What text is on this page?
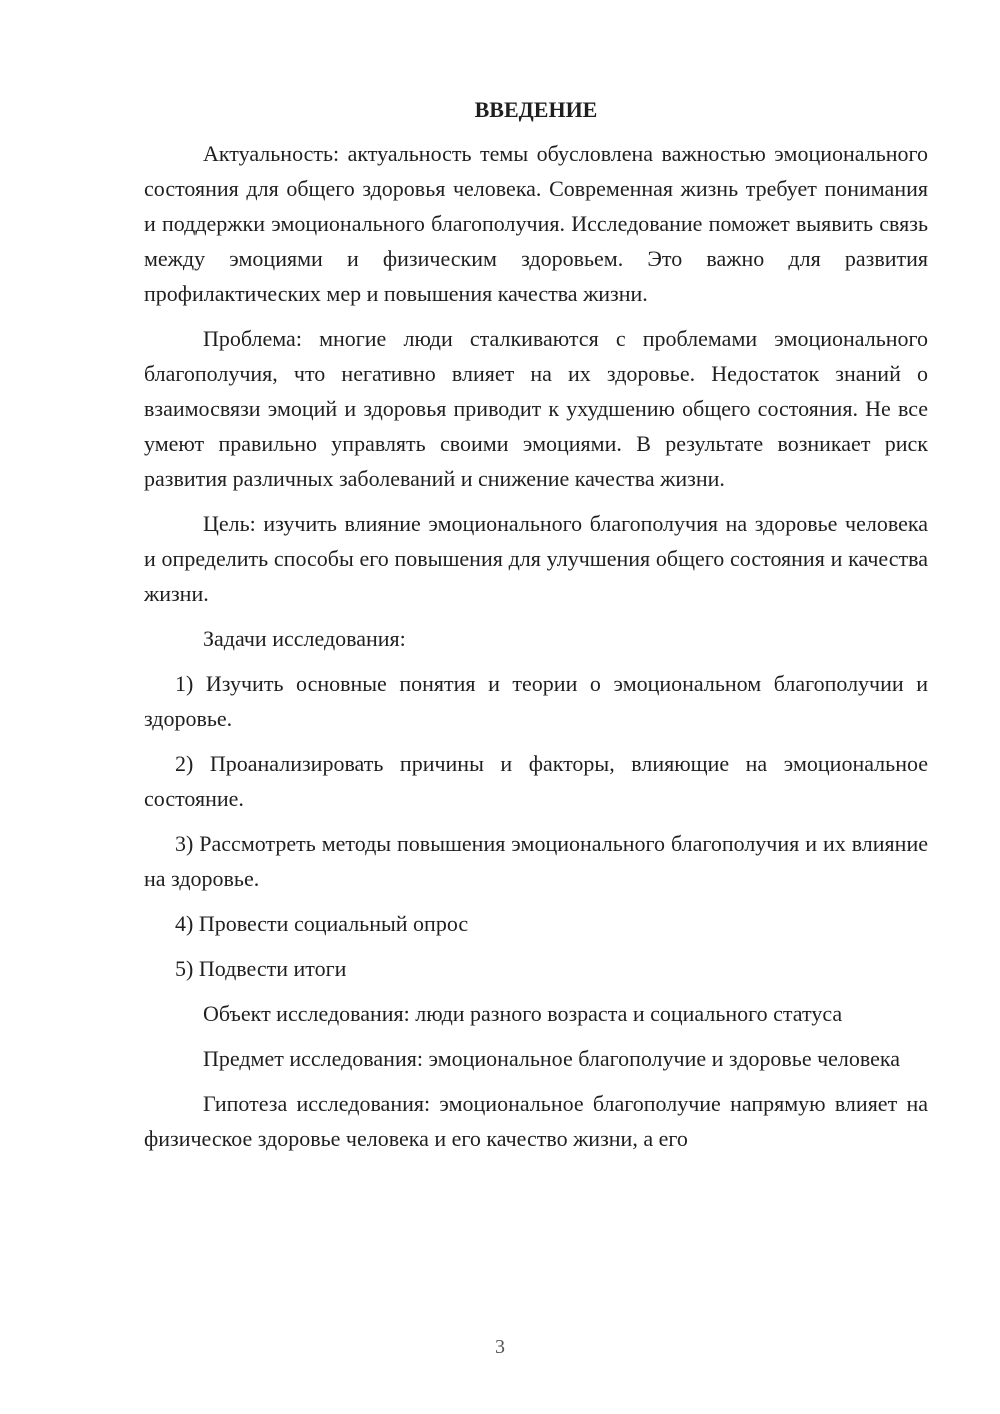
ВВЕДЕНИЕ

Актуальность: актуальность темы обусловлена важностью эмоционального состояния для общего здоровья человека. Современная жизнь требует понимания и поддержки эмоционального благополучия. Исследование поможет выявить связь между эмоциями и физическим здоровьем. Это важно для развития профилактических мер и повышения качества жизни.

Проблема: многие люди сталкиваются с проблемами эмоционального благополучия, что негативно влияет на их здоровье. Недостаток знаний о взаимосвязи эмоций и здоровья приводит к ухудшению общего состояния. Не все умеют правильно управлять своими эмоциями. В результате возникает риск развития различных заболеваний и снижение качества жизни.

Цель: изучить влияние эмоционального благополучия на здоровье человека и определить способы его повышения для улучшения общего состояния и качества жизни.

Задачи исследования:

1) Изучить основные понятия и теории о эмоциональном благополучии и здоровье.

2) Проанализировать причины и факторы, влияющие на эмоциональное состояние.

3) Рассмотреть методы повышения эмоционального благополучия и их влияние на здоровье.

4) Провести социальный опрос

5) Подвести итоги

Объект исследования: люди разного возраста и социального статуса

Предмет исследования: эмоциональное благополучие и здоровье человека

Гипотеза исследования: эмоциональное благополучие напрямую влияет на физическое здоровье человека и его качество жизни, а его

3
